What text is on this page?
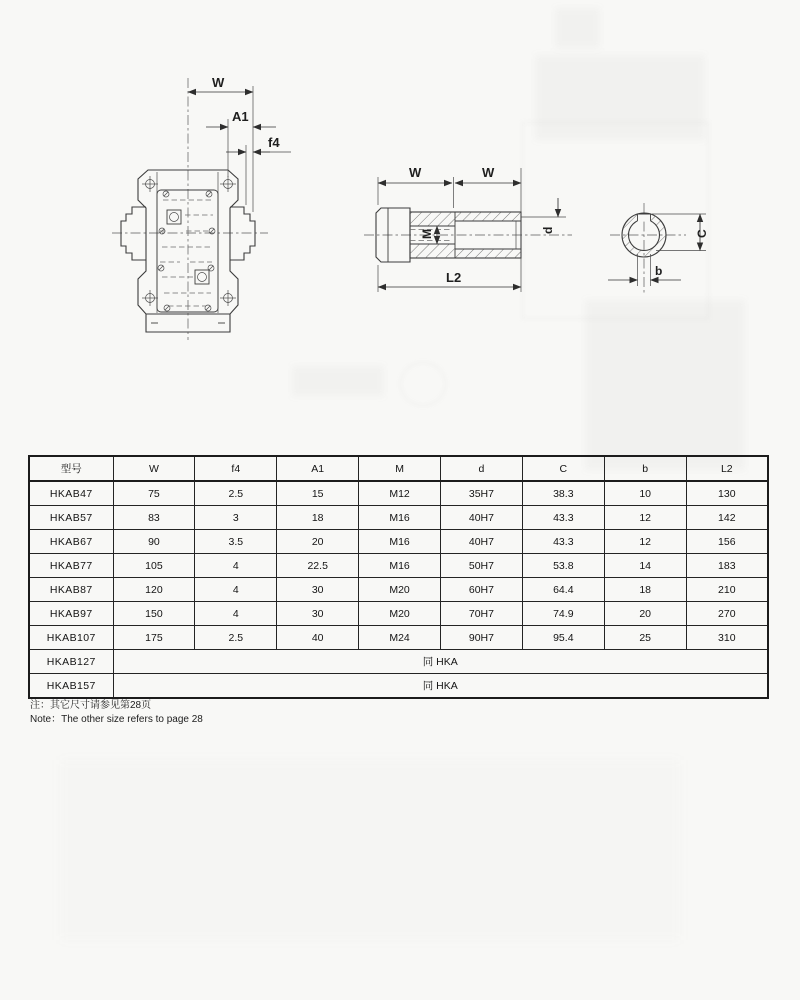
W
A1
f4
M
W	W
L2
d	C
b
型号	W	f4	A1	M	d	C	b	L2
HKAB47	75	2.5	15	M12	35H7	38.3	10	130
HKAB57	83	3	18	M16	40H7	43.3	12	142
HKAB67	90	3.5	20	M16	40H7	43.3	12	156
HKAB77	105	4	22.5	M16	50H7	53.8	14	183
HKAB87	120	4	30	M20	60H7	64.4	18	210
HKAB97	150	4	30	M20	70H7	74.9	20	270
HKAB107	175	2.5	40	M24	90H7	95.4	25	310
HKAB127	同 HKA							
HKAB157	同 HKA							
注：其它尺寸请参见第28页
Note：The other size refers to page 28
